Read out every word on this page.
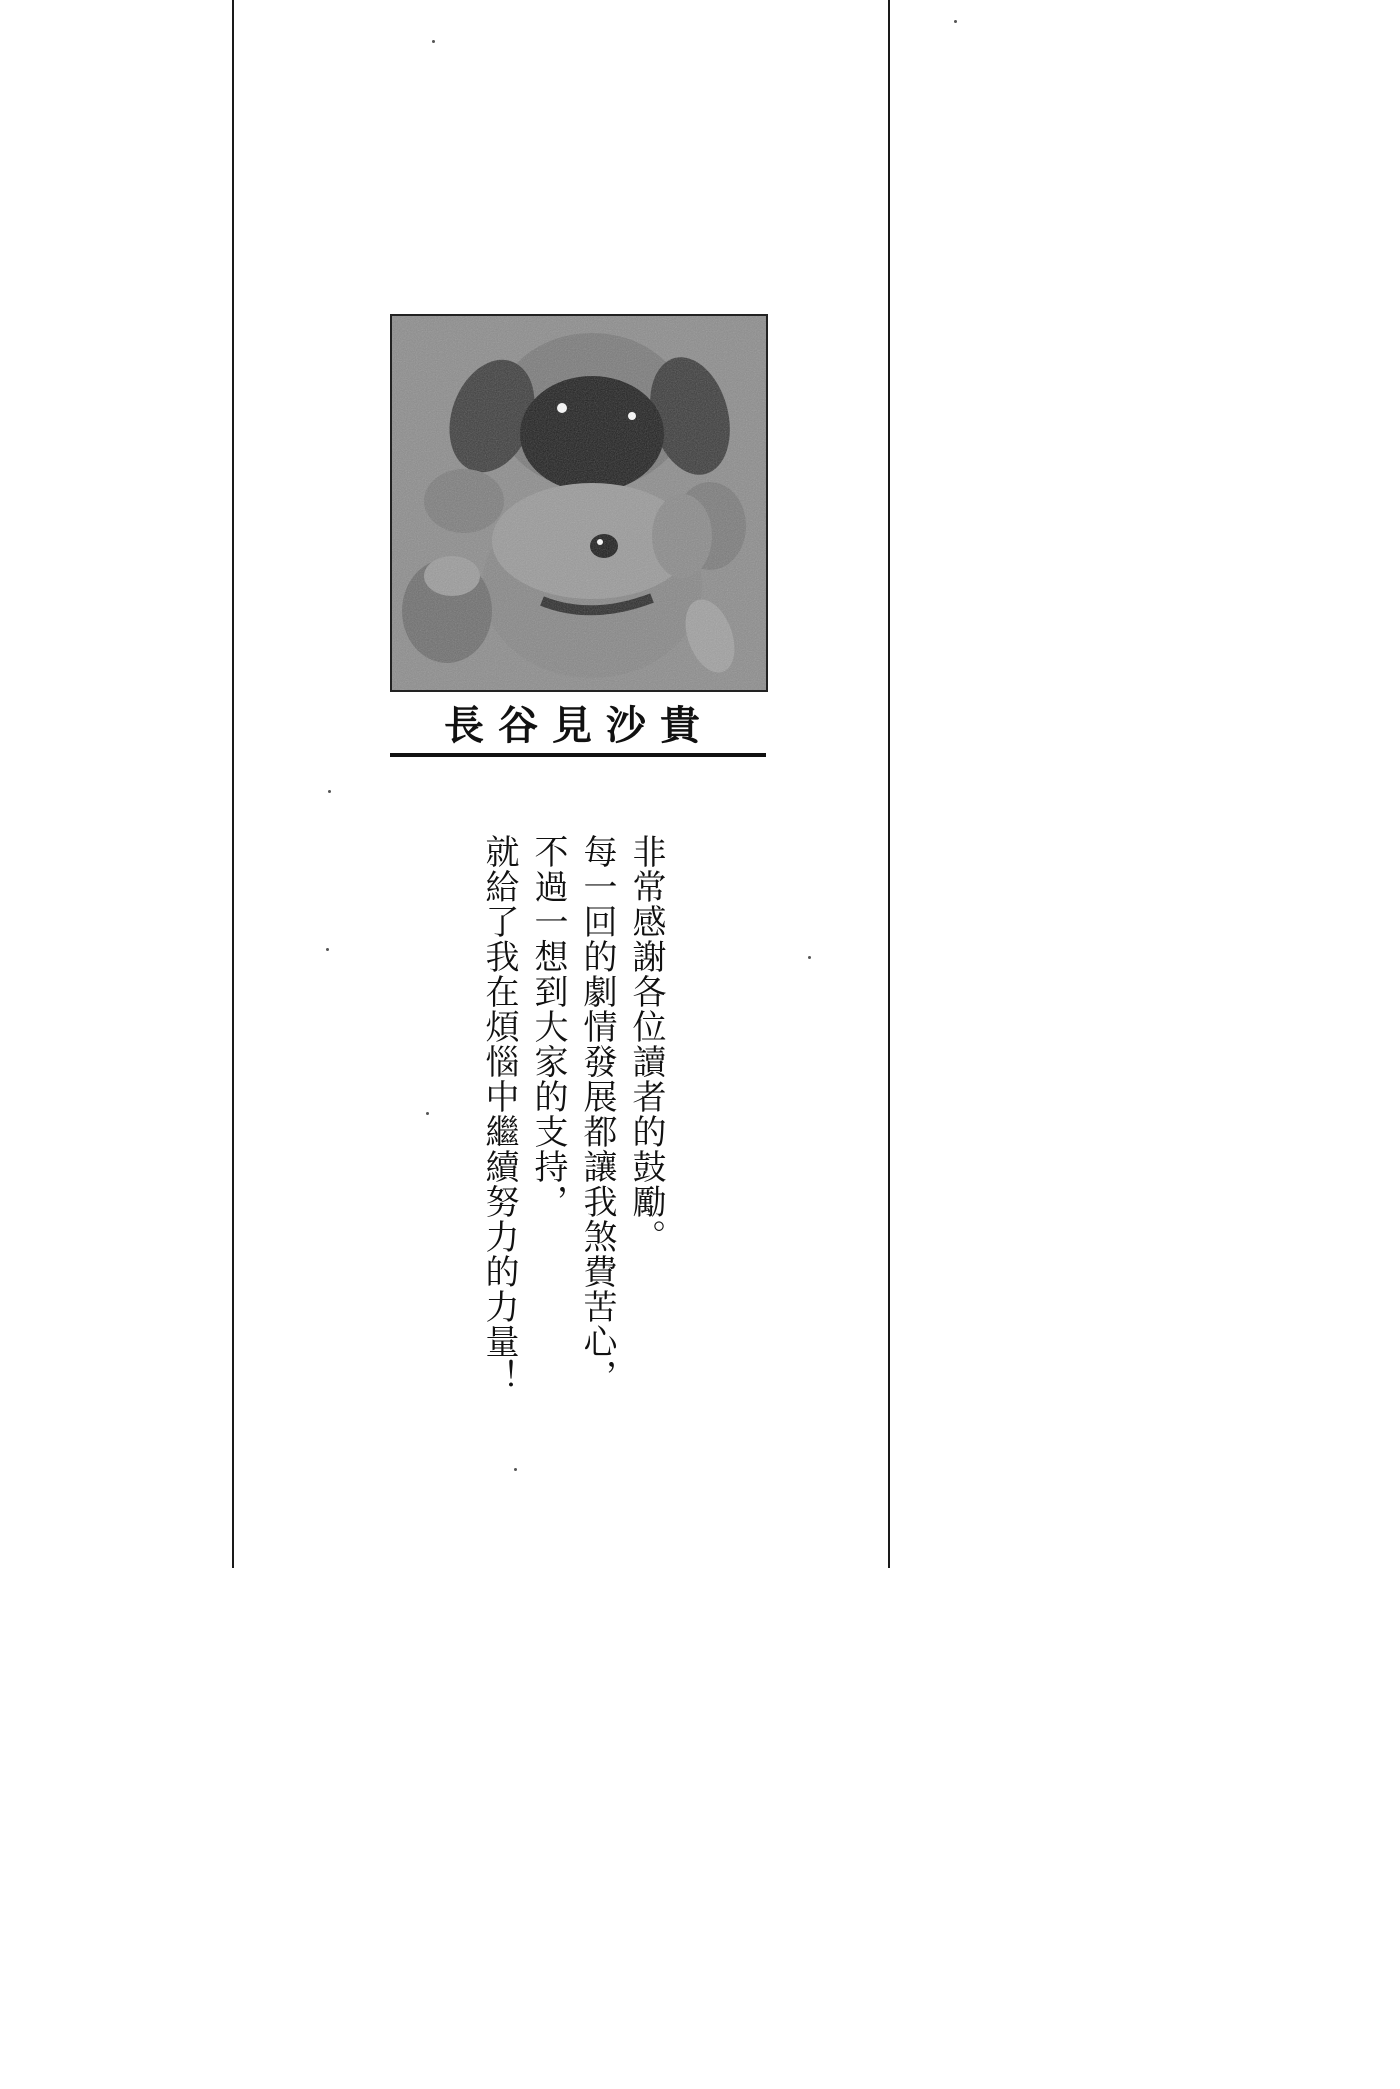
長谷見沙貴
非常感謝各位讀者的鼓勵。
每一回的劇情發展都讓我煞費苦心，
不過一想到大家的支持，
就給了我在煩惱中繼續努力的力量！
